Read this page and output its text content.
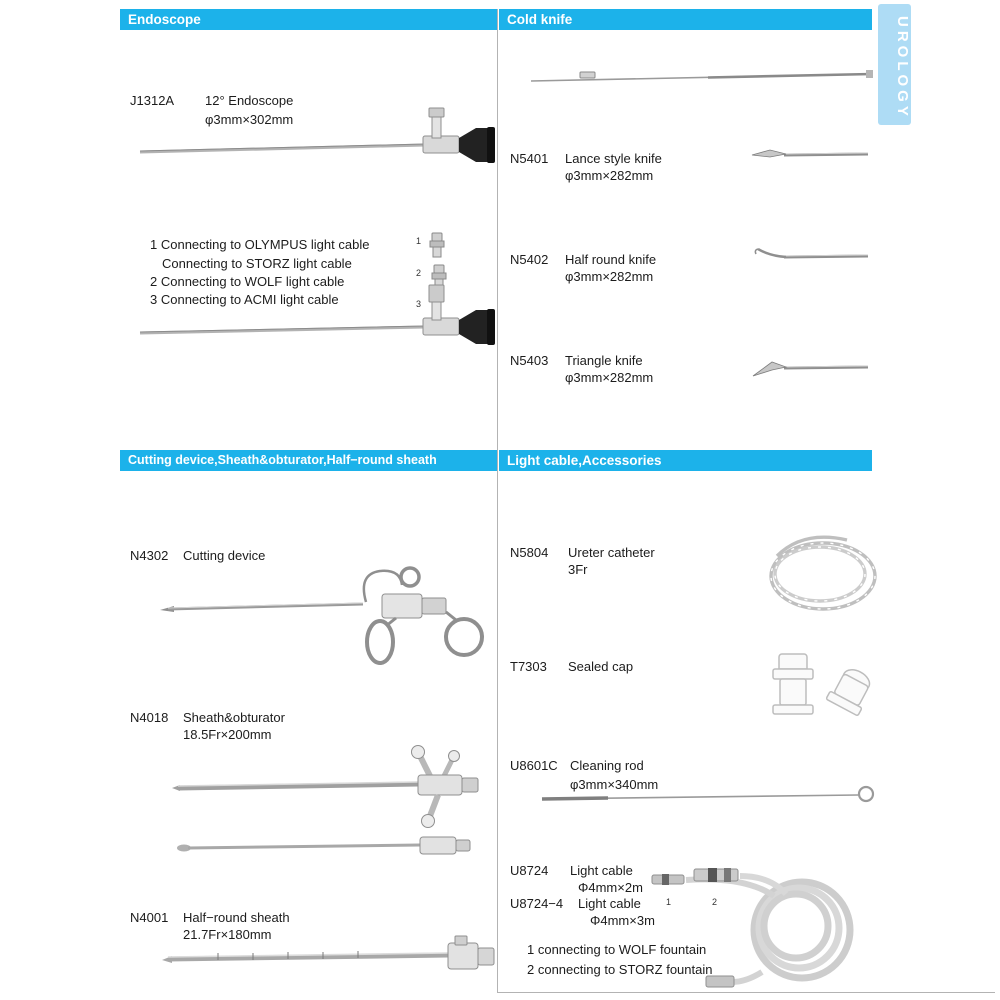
UROLOGY
Endoscope	Cold knife
Cutting device,Sheath&obturator,Half−round sheath	Light cable,Accessories
J1312A 12° Endoscope
φ3mm×302mm
1 Connecting to OLYMPUS light cable
Connecting to STORZ light cable
2 Connecting to WOLF light cable
3 Connecting to ACMI light cable
1
2
3
N5401 Lance style knife
φ3mm×282mm
N5402 Half round knife
φ3mm×282mm
N5403 Triangle knife
φ3mm×282mm
N4302 Cutting device
N4018 Sheath&obturator
18.5Fr×200mm
N4001 Half−round sheath
21.7Fr×180mm
N5804 Ureter catheter
3Fr
T7303 Sealed cap
U8601C Cleaning rod
φ3mm×340mm
U8724 Light cable
Φ4mm×2m
U8724−4 Light cable
Φ4mm×3m
1	2
1 connecting to WOLF fountain
2 connecting to STORZ fountain
